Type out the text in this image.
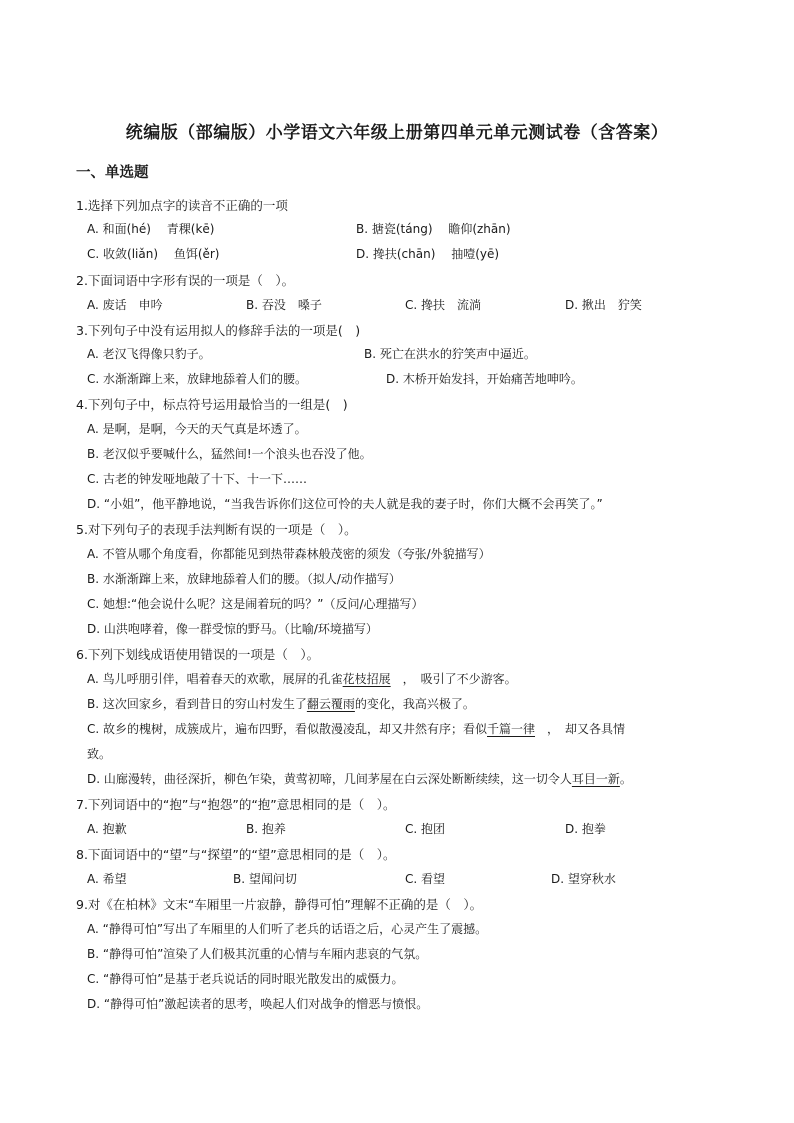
统编版（部编版）小学语文六年级上册第四单元单元测试卷（含答案）
一、单选题
1.选择下列加点字的读音不正确的一项
A. 和面(hé)　 青稞(kē)	B. 搪瓷(táng)　 瞻仰(zhān)
C. 收敛(liǎn)　 鱼饵(ěr)	D. 搀扶(chān)　 抽噎(yē)
2.下面词语中字形有误的一项是（　）。
A. 废话　申吟	B. 吞没　嗓子	C. 搀扶　流淌	D. 揪出　狞笑
3.下列句子中没有运用拟人的修辞手法的一项是(　)
A. 老汉飞得像只豹子。	B. 死亡在洪水的狞笑声中逼近。
C. 水渐渐蹿上来，放肆地舔着人们的腰。	D. 木桥开始发抖，开始痛苦地呻吟。
4.下列句子中，标点符号运用最恰当的一组是(　)
A. 是啊，是啊，今天的天气真是坏透了。
B. 老汉似乎要喊什么，猛然间!一个浪头也吞没了他。
C. 古老的钟发哑地敲了十下、十一下……
D. “小姐”，他平静地说，“当我告诉你们这位可怜的夫人就是我的妻子时，你们大概不会再笑了。”
5.对下列句子的表现手法判断有误的一项是（　）。
A. 不管从哪个角度看，你都能见到热带森林般茂密的须发（夸张/外貌描写）
B. 水渐渐蹿上来，放肆地舔着人们的腰。（拟人/动作描写）
C. 她想:“他会说什么呢？这是闹着玩的吗？”（反问/心理描写）
D. 山洪咆哮着，像一群受惊的野马。（比喻/环境描写）
6.下列下划线成语使用错误的一项是（　）。
A. 鸟儿呼朋引伴，唱着春天的欢歌，展屏的孔雀花枝招展　，　吸引了不少游客。
B. 这次回家乡，看到昔日的穷山村发生了翻云覆雨的变化，我高兴极了。
C. 故乡的槐树，成簇成片，遍布四野，看似散漫凌乱，却又井然有序；看似千篇一律　，　却又各具情
致。
D. 山廊漫转，曲径深折，柳色乍染，黄莺初啼，几间茅屋在白云深处断断续续，这一切令人耳目一新。
7.下列词语中的“抱”与“抱怨”的“抱”意思相同的是（　）。
A. 抱歉	B. 抱养	C. 抱团	D. 抱拳
8.下面词语中的“望”与“探望”的“望”意思相同的是（　）。
A. 希望	B. 望闻问切	C. 看望	D. 望穿秋水
9.对《在柏林》文末“车厢里一片寂静，静得可怕”理解不正确的是（　）。
A. “静得可怕”写出了车厢里的人们听了老兵的话语之后，心灵产生了震撼。
B. “静得可怕”渲染了人们极其沉重的心情与车厢内悲哀的气氛。
C. “静得可怕”是基于老兵说话的同时眼光散发出的威慑力。
D. “静得可怕”激起读者的思考，唤起人们对战争的憎恶与愤恨。
